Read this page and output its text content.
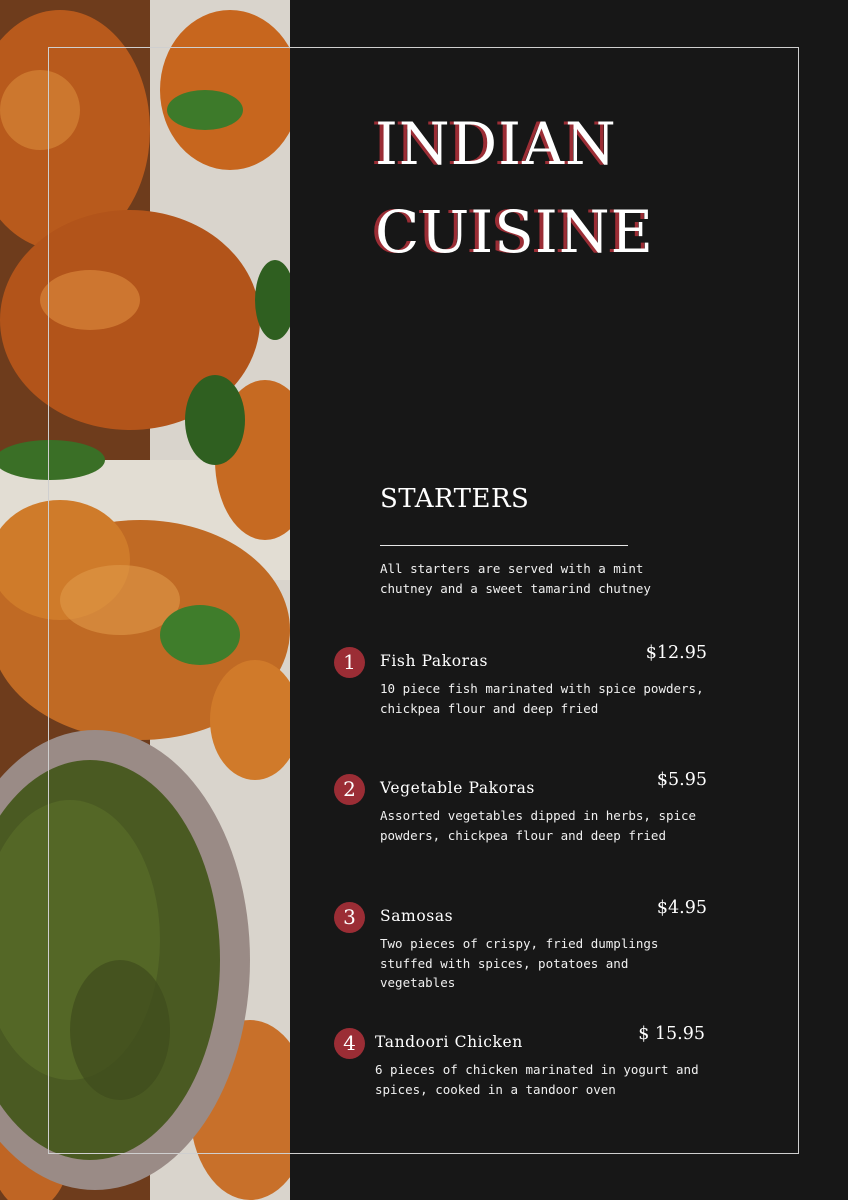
INDIAN
CUISINE
STARTERS
All starters are served with a mint chutney and a sweet tamarind chutney
1	Fish Pakoras	$12.95
10 piece fish marinated with spice powders, chickpea flour and deep fried
2	Vegetable Pakoras	$5.95
Assorted vegetables dipped in herbs, spice powders, chickpea flour and deep fried
3	Samosas	$4.95
Two pieces of crispy, fried dumplings stuffed with spices, potatoes and vegetables
4	Tandoori Chicken	$ 15.95
6 pieces of chicken marinated in yogurt and spices, cooked in a tandoor oven
